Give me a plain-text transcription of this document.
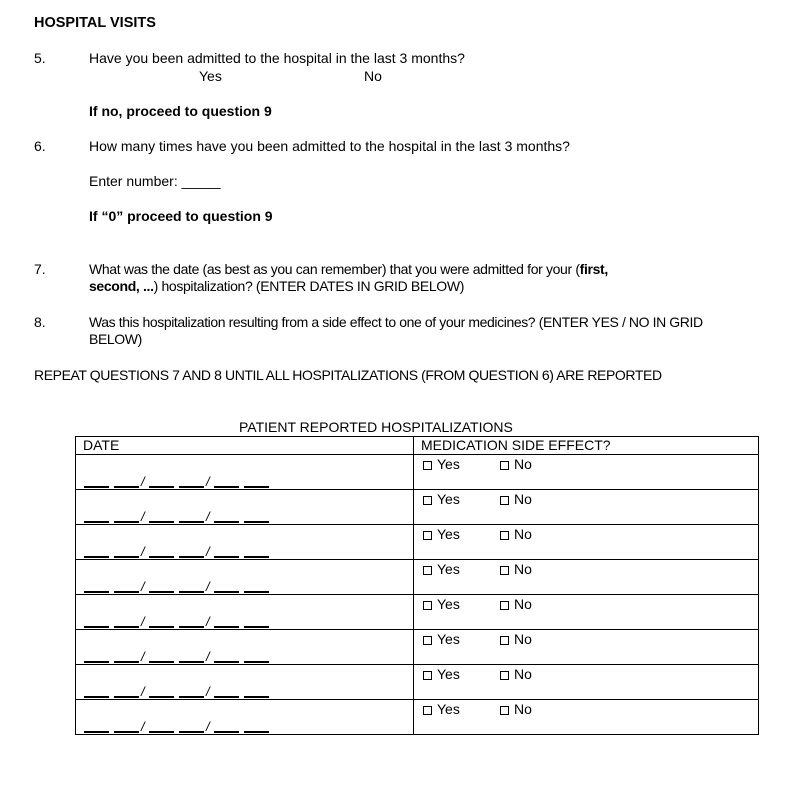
HOSPITAL VISITS
5.	Have you been admitted to the hospital in the last 3 months?
Yes	No
If no, proceed to question 9
6.	How many times have you been admitted to the hospital in the last 3 months?
Enter number: _____
If “0” proceed to question 9
7.	What was the date (as best as you can remember) that you were admitted for your (first,
second, ...) hospitalization? (ENTER DATES IN GRID BELOW)
8.	Was this hospitalization resulting from a side effect to one of your medicines? (ENTER YES / NO IN GRID BELOW)
REPEAT QUESTIONS 7 AND 8 UNTIL ALL HOSPITALIZATIONS (FROM QUESTION 6) ARE REPORTED
PATIENT REPORTED HOSPITALIZATIONS
DATE	MEDICATION SIDE EFFECT?

/ /	Yes No

/ /	Yes No

/ /	Yes No

/ /	Yes No

/ /	Yes No

/ /	Yes No

/ /	Yes No

/ /	Yes No
